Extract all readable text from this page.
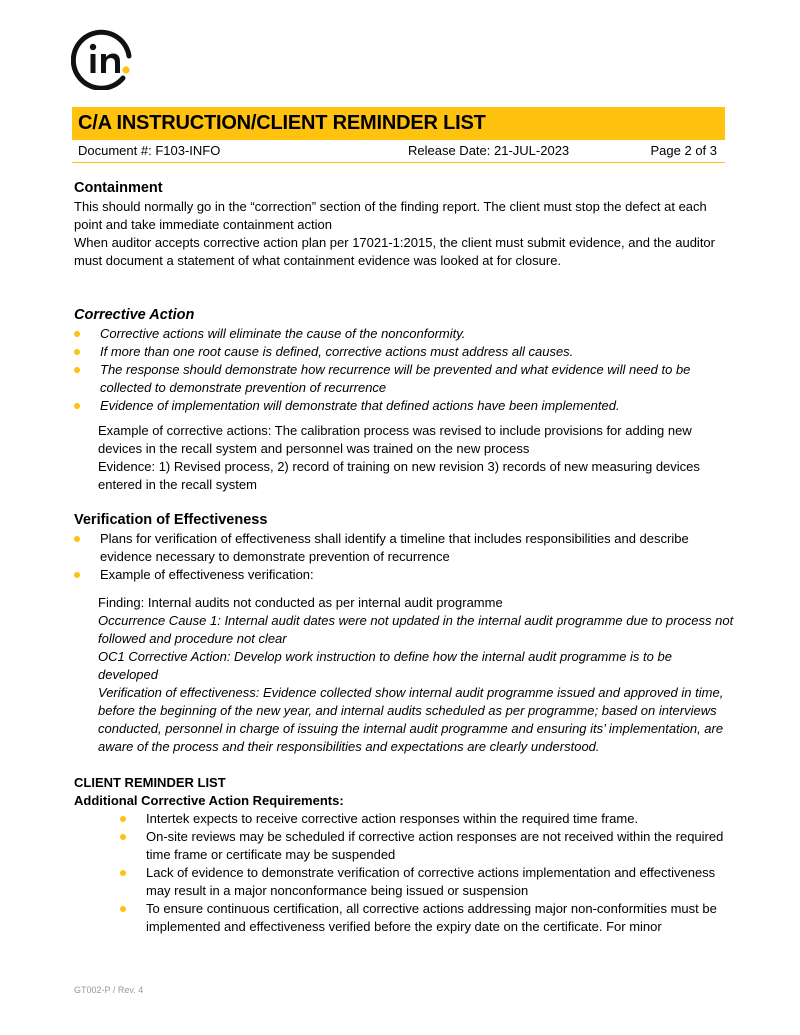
C/A INSTRUCTION/CLIENT REMINDER LIST
Document #: F103-INFO	Release Date: 21-JUL-2023	Page 2 of 3
Containment

This should normally go in the “correction” section of the finding report. The client must stop the defect at each point and take immediate containment action

When auditor accepts corrective action plan per 17021-1:2015, the client must submit evidence, and the auditor must document a statement of what containment evidence was looked at for closure.

Corrective Action
Corrective actions will eliminate the cause of the nonconformity.
If more than one root cause is defined, corrective actions must address all causes.
The response should demonstrate how recurrence will be prevented and what evidence will need to be collected to demonstrate prevention of recurrence
Evidence of implementation will demonstrate that defined actions have been implemented.

Example of corrective actions: The calibration process was revised to include provisions for adding new devices in the recall system and personnel was trained on the new process

Evidence: 1) Revised process, 2) record of training on new revision 3) records of new measuring devices entered in the recall system

Verification of Effectiveness
Plans for verification of effectiveness shall identify a timeline that includes responsibilities and describe evidence necessary to demonstrate prevention of recurrence
Example of effectiveness verification:

Finding: Internal audits not conducted as per internal audit programme

Occurrence Cause 1: Internal audit dates were not updated in the internal audit programme due to process not followed and procedure not clear

OC1 Corrective Action: Develop work instruction to define how the internal audit programme is to be developed

Verification of effectiveness: Evidence collected show internal audit programme issued and approved in time, before the beginning of the new year, and internal audits scheduled as per programme; based on interviews conducted, personnel in charge of issuing the internal audit programme and ensuring its’ implementation, are aware of the process and their responsibilities and expectations are clearly understood.

CLIENT REMINDER LIST
Additional Corrective Action Requirements:
Intertek expects to receive corrective action responses within the required time frame.
On-site reviews may be scheduled if corrective action responses are not received within the required time frame or certificate may be suspended
Lack of evidence to demonstrate verification of corrective actions implementation and effectiveness may result in a major nonconformance being issued or suspension
To ensure continuous certification, all corrective actions addressing major non-conformities must be implemented and effectiveness verified before the expiry date on the certificate. For minor
GT002-P / Rev. 4
